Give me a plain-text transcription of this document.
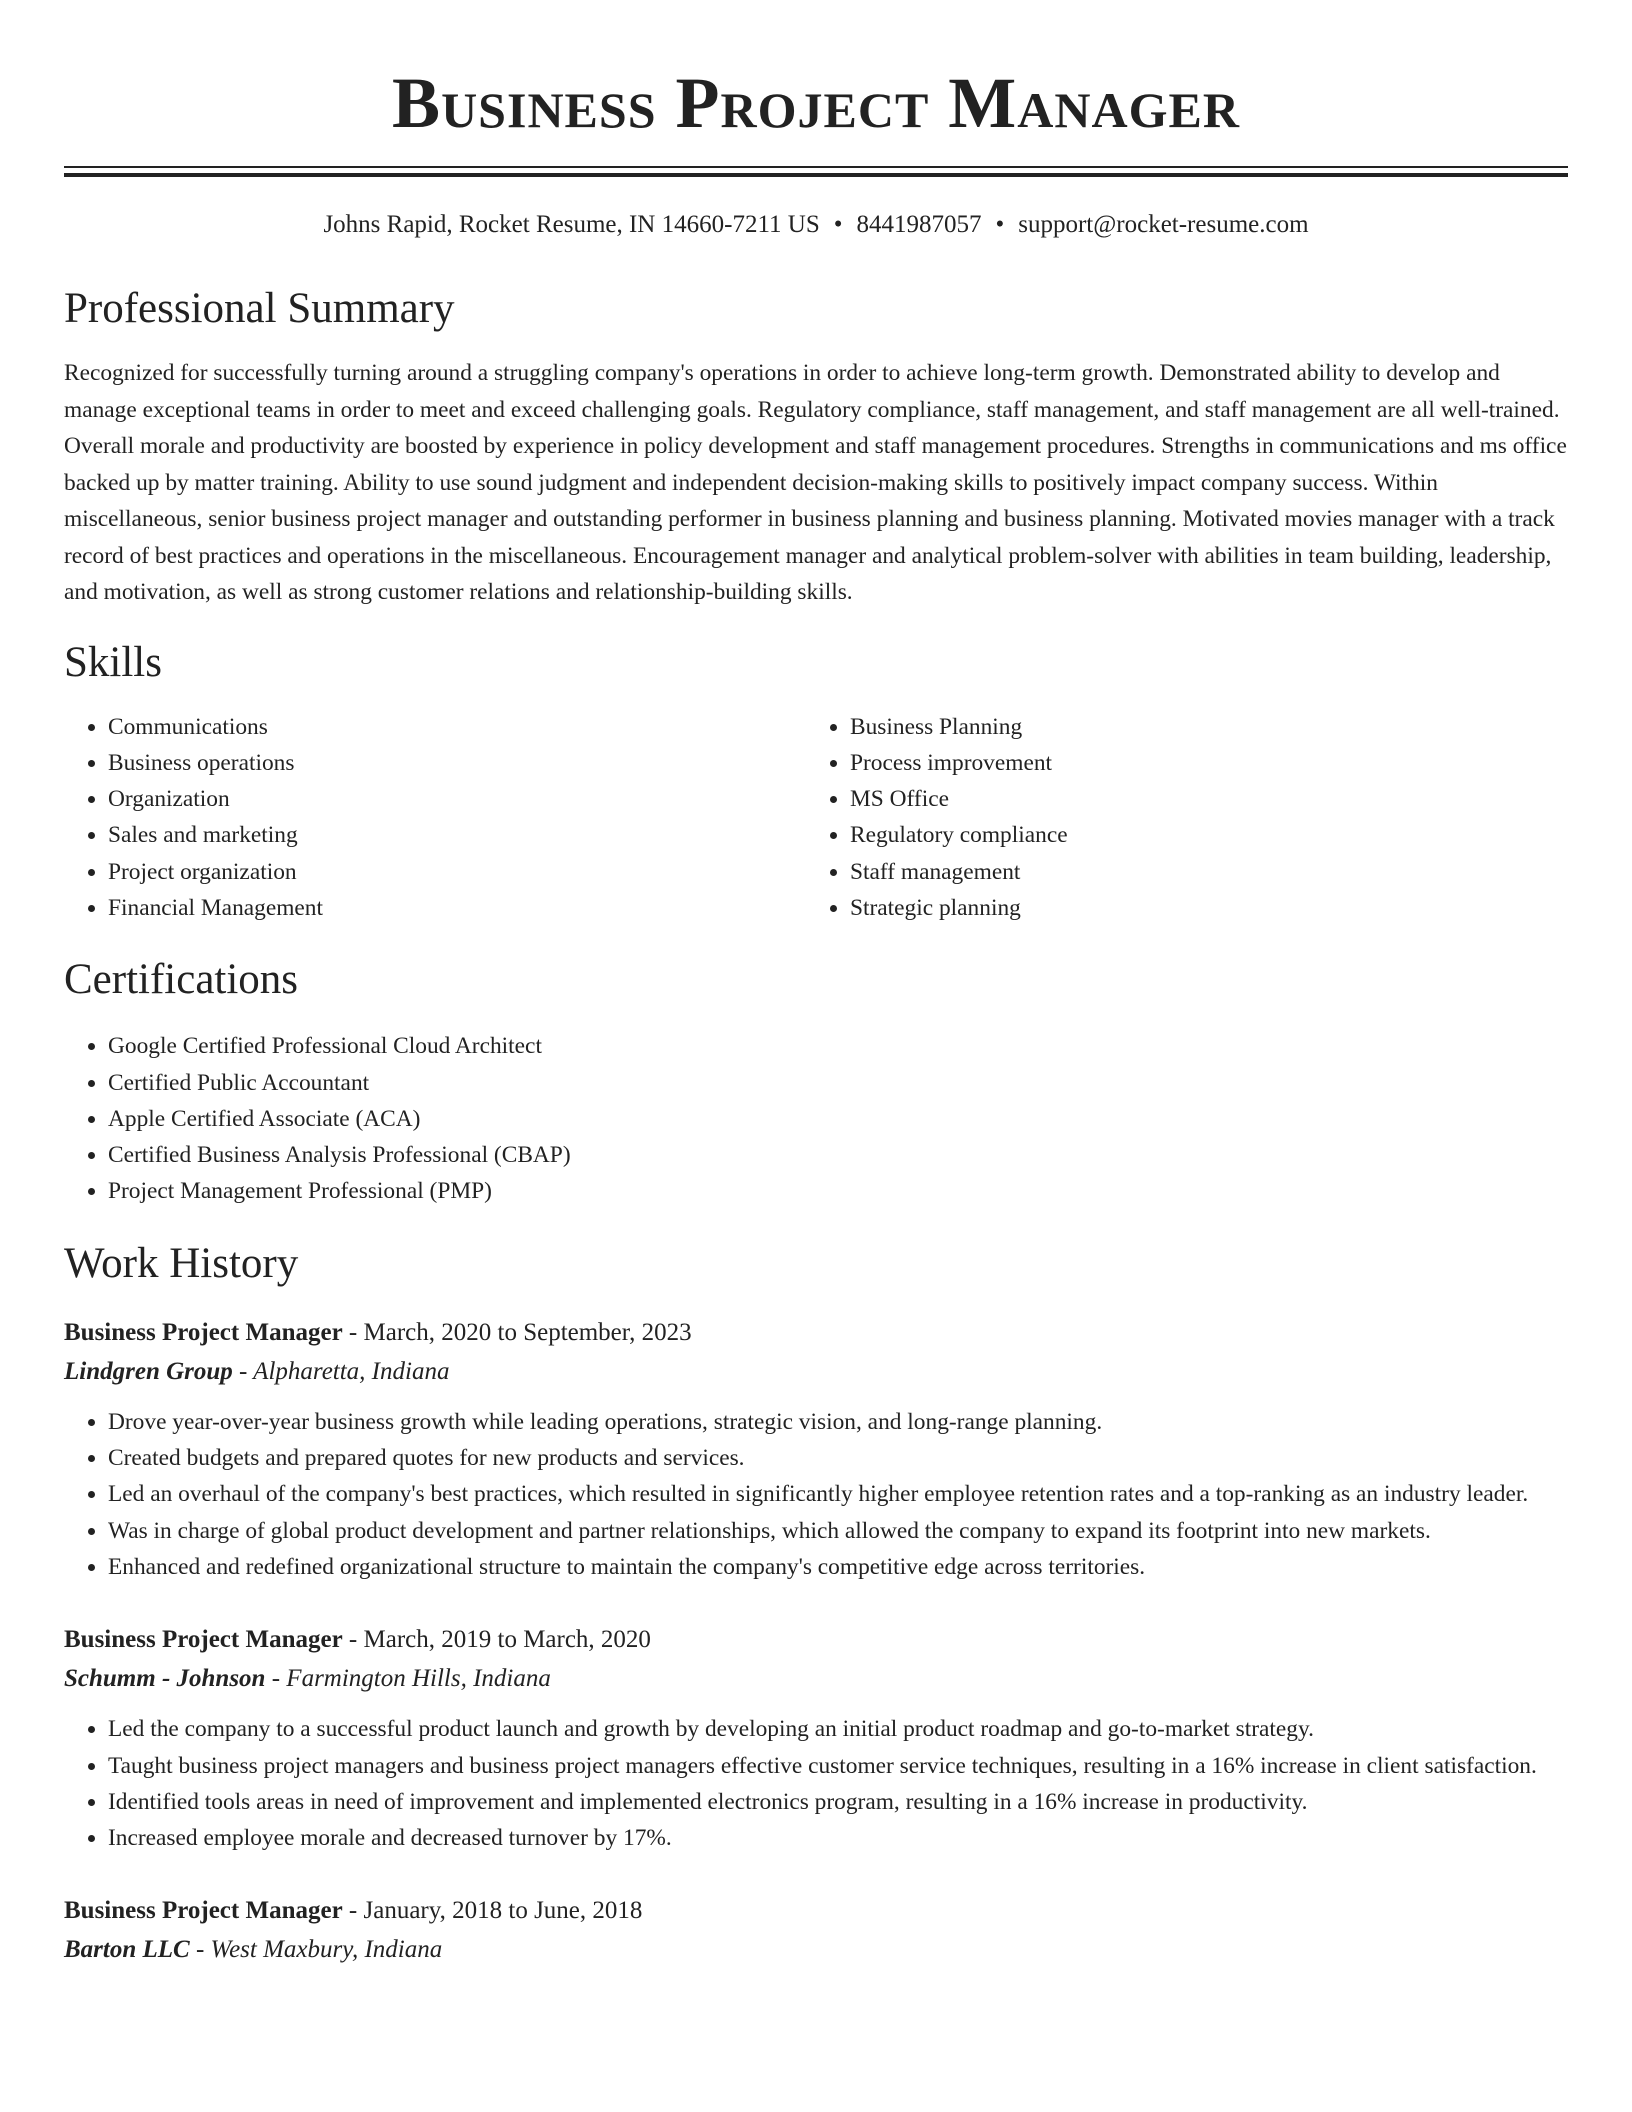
Business Project Manager
Johns Rapid, Rocket Resume, IN 14660-7211 US • 8441987057 • support@rocket-resume.com
Professional Summary

Recognized for successfully turning around a struggling company's operations in order to achieve long-term growth. Demonstrated ability to develop and manage exceptional teams in order to meet and exceed challenging goals. Regulatory compliance, staff management, and staff management are all well-trained. Overall morale and productivity are boosted by experience in policy development and staff management procedures. Strengths in communications and ms office backed up by matter training. Ability to use sound judgment and independent decision-making skills to positively impact company success. Within miscellaneous, senior business project manager and outstanding performer in business planning and business planning. Motivated movies manager with a track record of best practices and operations in the miscellaneous. Encouragement manager and analytical problem-solver with abilities in team building, leadership, and motivation, as well as strong customer relations and relationship-building skills.

Skills
• Communications
• Business operations
• Organization
• Sales and marketing
• Project organization
• Financial Management
• Business Planning
• Process improvement
• MS Office
• Regulatory compliance
• Staff management
• Strategic planning
Certifications
• Google Certified Professional Cloud Architect
• Certified Public Accountant
• Apple Certified Associate (ACA)
• Certified Business Analysis Professional (CBAP)
• Project Management Professional (PMP)
Work History
Business Project Manager - March, 2020 to September, 2023
Lindgren Group - Alpharetta, Indiana
• Drove year-over-year business growth while leading operations, strategic vision, and long-range planning.
• Created budgets and prepared quotes for new products and services.
• Led an overhaul of the company's best practices, which resulted in significantly higher employee retention rates and a top-ranking as an industry leader.
• Was in charge of global product development and partner relationships, which allowed the company to expand its footprint into new markets.
• Enhanced and redefined organizational structure to maintain the company's competitive edge across territories.
Business Project Manager - March, 2019 to March, 2020
Schumm - Johnson - Farmington Hills, Indiana
• Led the company to a successful product launch and growth by developing an initial product roadmap and go-to-market strategy.
• Taught business project managers and business project managers effective customer service techniques, resulting in a 16% increase in client satisfaction.
• Identified tools areas in need of improvement and implemented electronics program, resulting in a 16% increase in productivity.
• Increased employee morale and decreased turnover by 17%.
Business Project Manager - January, 2018 to June, 2018
Barton LLC - West Maxbury, Indiana
